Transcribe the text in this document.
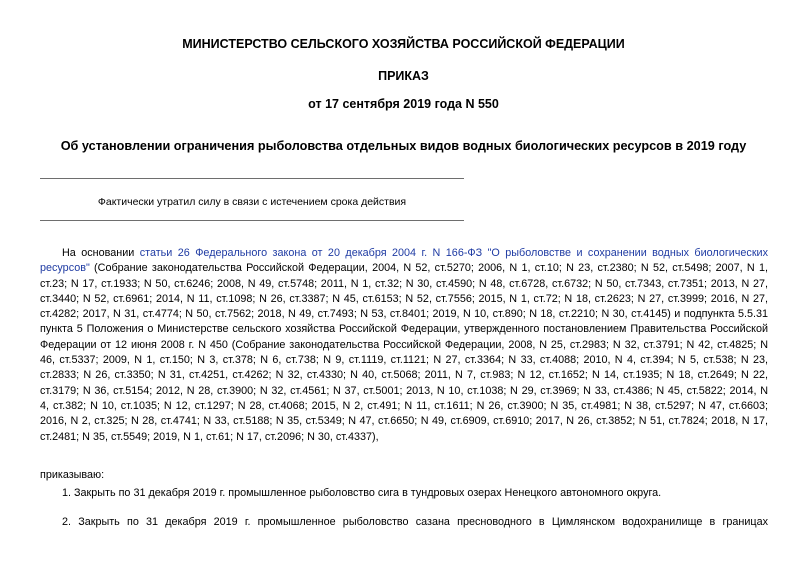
МИНИСТЕРСТВО СЕЛЬСКОГО ХОЗЯЙСТВА РОССИЙСКОЙ ФЕДЕРАЦИИ
ПРИКАЗ
от 17 сентября 2019 года N 550
Об установлении ограничения рыболовства отдельных видов водных биологических ресурсов в 2019 году
Фактически утратил силу в связи с истечением срока действия
На основании статьи 26 Федерального закона от 20 декабря 2004 г. N 166-ФЗ "О рыболовстве и сохранении водных биологических
ресурсов" (Собрание законодательства Российской Федерации, 2004, N 52, ст.5270; 2006, N 1, ст.10; N 23, ст.2380; N 52, ст.5498; 2007, N 1,
ст.23; N 17, ст.1933; N 50, ст.6246; 2008, N 49, ст.5748; 2011, N 1, ст.32; N 30, ст.4590; N 48, ст.6728, ст.6732; N 50, ст.7343, ст.7351; 2013, N 27,
ст.3440; N 52, ст.6961; 2014, N 11, ст.1098; N 26, ст.3387; N 45, ст.6153; N 52, ст.7556; 2015, N 1, ст.72; N 18, ст.2623; N 27, ст.3999; 2016, N 27,
ст.4282; 2017, N 31, ст.4774; N 50, ст.7562; 2018, N 49, ст.7493; N 53, ст.8401; 2019, N 10, ст.890; N 18, ст.2210; N 30, ст.4145) и подпункта 5.5.31
пункта 5 Положения о Министерстве сельского хозяйства Российской Федерации, утвержденного постановлением Правительства Российской
Федерации от 12 июня 2008 г. N 450 (Собрание законодательства Российской Федерации, 2008, N 25, ст.2983; N 32, ст.3791; N 42, ст.4825; N
46, ст.5337; 2009, N 1, ст.150; N 3, ст.378; N 6, ст.738; N 9, ст.1119, ст.1121; N 27, ст.3364; N 33, ст.4088; 2010, N 4, ст.394; N 5, ст.538; N 23,
ст.2833; N 26, ст.3350; N 31, ст.4251, ст.4262; N 32, ст.4330; N 40, ст.5068; 2011, N 7, ст.983; N 12, ст.1652; N 14, ст.1935; N 18, ст.2649; N 22,
ст.3179; N 36, ст.5154; 2012, N 28, ст.3900; N 32, ст.4561; N 37, ст.5001; 2013, N 10, ст.1038; N 29, ст.3969; N 33, ст.4386; N 45, ст.5822; 2014, N
4, ст.382; N 10, ст.1035; N 12, ст.1297; N 28, ст.4068; 2015, N 2, ст.491; N 11, ст.1611; N 26, ст.3900; N 35, ст.4981; N 38, ст.5297; N 47, ст.6603;
2016, N 2, ст.325; N 28, ст.4741; N 33, ст.5188; N 35, ст.5349; N 47, ст.6650; N 49, ст.6909, ст.6910; 2017, N 26, ст.3852; N 51, ст.7824; 2018, N 17,
ст.2481; N 35, ст.5549; 2019, N 1, ст.61; N 17, ст.2096; N 30, ст.4337),
приказываю:
1. Закрыть по 31 декабря 2019 г. промышленное рыболовство сига в тундровых озерах Ненецкого автономного округа.
2. Закрыть по 31 декабря 2019 г. промышленное рыболовство сазана пресноводного в Цимлянском водохранилище в границах
